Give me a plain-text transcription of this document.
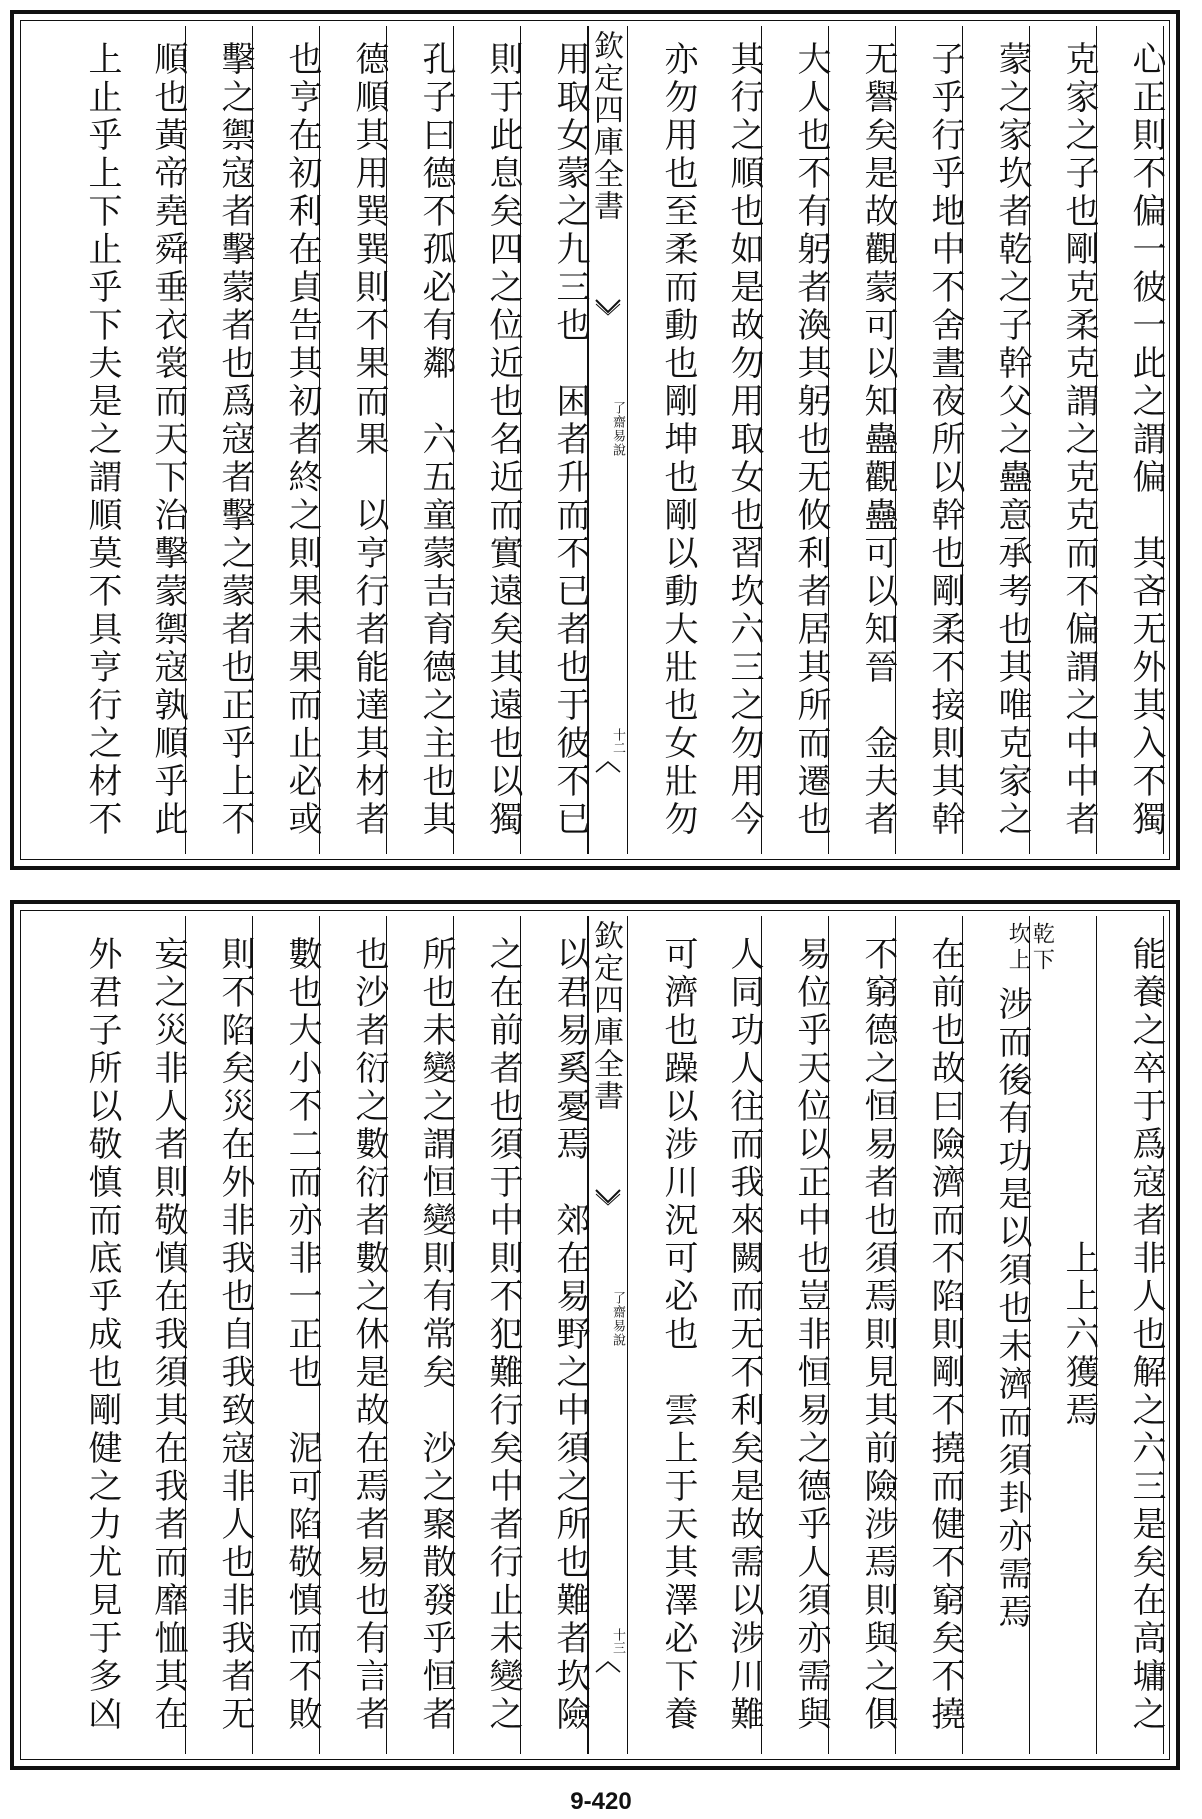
心正則不偏一彼一此之謂偏　其吝无外其入不獨
克家之子也剛克柔克謂之克克而不偏謂之中中者
蒙之家坎者乾之子幹父之蠱意承考也其唯克家之
子乎行乎地中不舍晝夜所以幹也剛柔不接則其幹
无譽矣是故觀蒙可以知蠱觀蠱可以知晉　金夫者
大人也不有躬者渙其躬也无攸利者居其所而遷也
其行之順也如是故勿用取女也習坎六三之勿用今
亦勿用也至柔而動也剛坤也剛以動大壯也女壯勿
欽定四庫全書
了齋易說
十二
用取女蒙之九三也　困者升而不已者也于彼不已
則于此息矣四之位近也名近而實遠矣其遠也以獨
孔子曰德不孤必有鄰　六五童蒙吉育德之主也其
德順其用巽巽則不果而果　以亨行者能達其材者
也亨在初利在貞告其初者終之則果未果而止必或
擊之禦寇者擊蒙者也爲寇者擊之蒙者也正乎上不
順也黃帝堯舜垂衣裳而天下治擊蒙禦寇孰順乎此
上止乎上下止乎下夫是之謂順莫不具亨行之材不
能養之卒于爲寇者非人也解之六三是矣在高墉之
上上六獲焉
乾下
坎上
涉而後有功是以須也未濟而須卦亦需焉
在前也故曰險濟而不陷則剛不撓而健不窮矣不撓
不窮德之恒易者也須焉則見其前險涉焉則與之俱
易位乎天位以正中也豈非恒易之德乎人須亦需與
人同功人往而我來闕而无不利矣是故需以涉川難
可濟也躁以涉川況可必也　雲上于天其澤必下養
欽定四庫全書
了齋易說
十三
以君易奚憂焉　郊在易野之中須之所也難者坎險
之在前者也須于中則不犯難行矣中者行止未變之
所也未變之謂恒變則有常矣　沙之聚散發乎恒者
也沙者衍之數衍者數之休是故在焉者易也有言者
數也大小不二而亦非一正也　泥可陷敬慎而不敗
則不陷矣災在外非我也自我致寇非人也非我者无
妄之災非人者則敬慎在我須其在我者而靡恤其在
外君子所以敬慎而底乎成也剛健之力尤見于多凶
9-420
